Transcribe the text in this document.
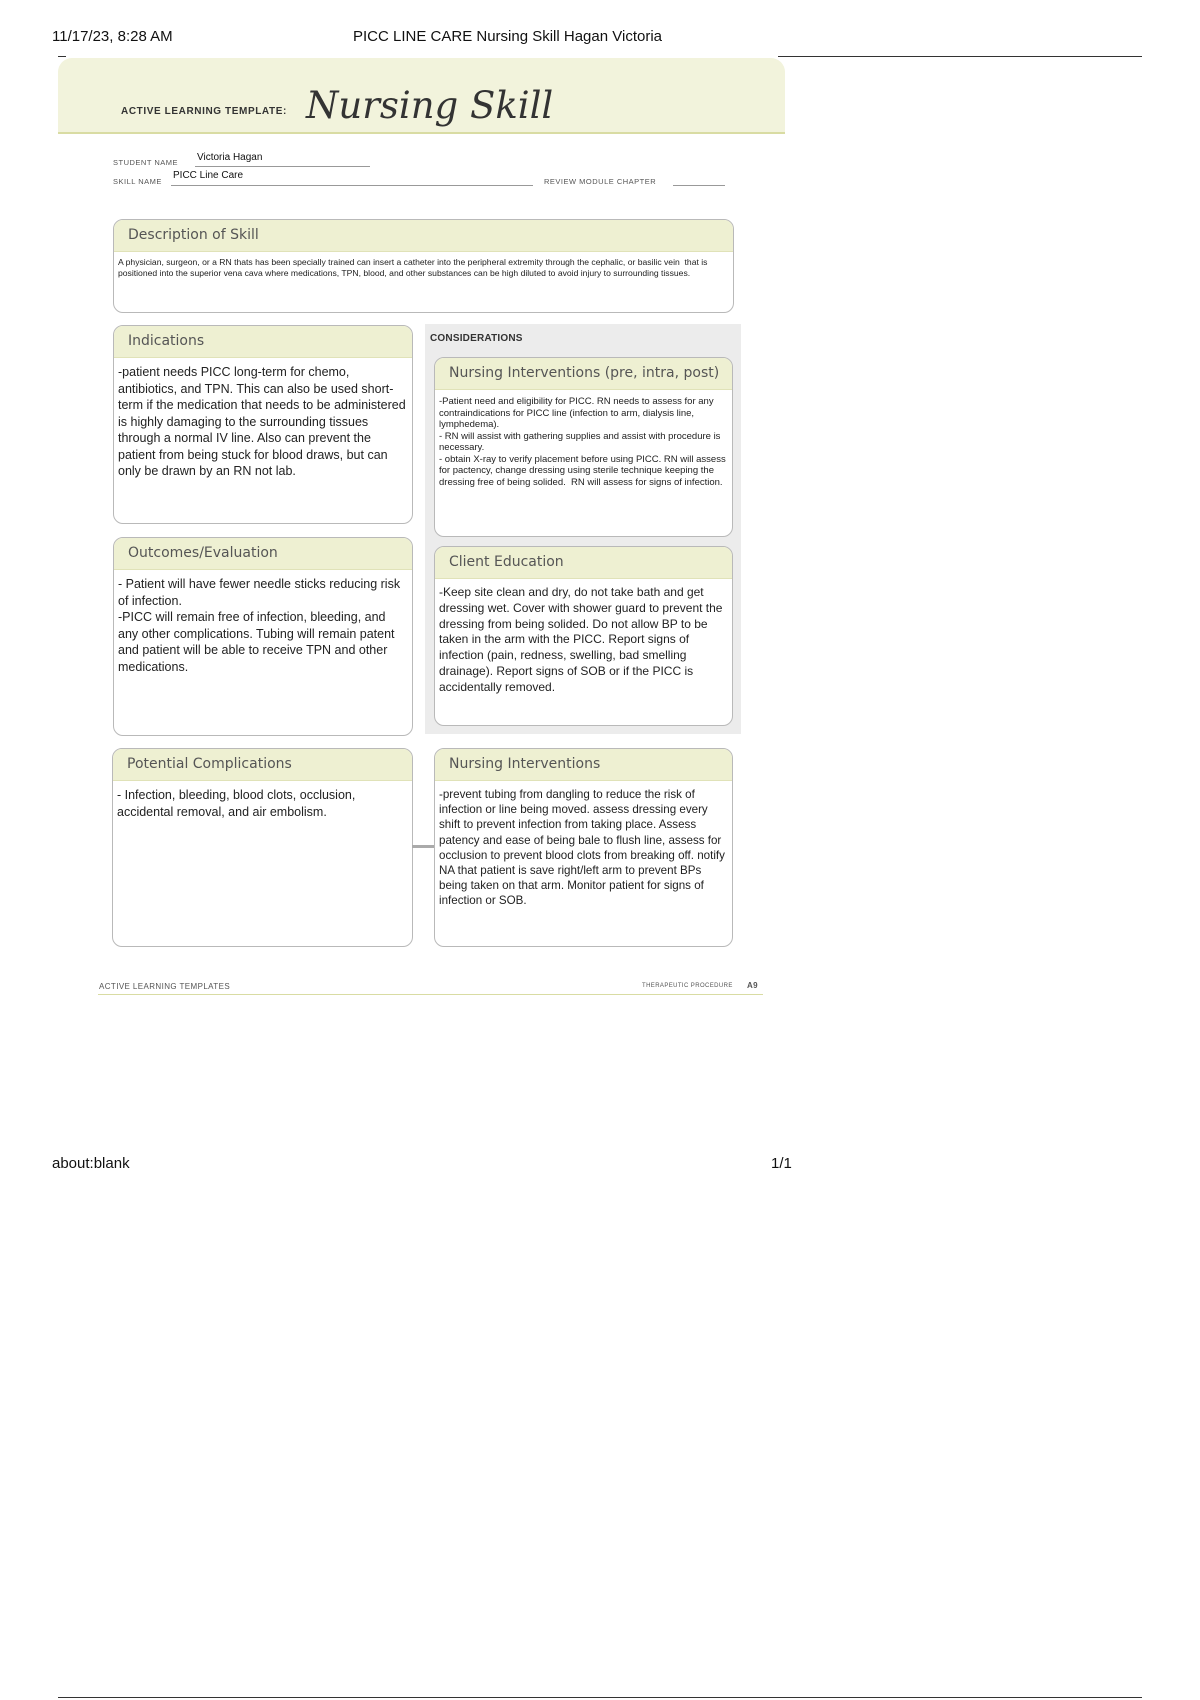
11/17/23, 8:28 AM	PICC LINE CARE Nursing Skill Hagan Victoria
ACTIVE LEARNING TEMPLATE: Nursing Skill
STUDENT NAME Victoria Hagan
SKILL NAME
PICC Line Care
REVIEW MODULE CHAPTER
Description of Skill
A physician, surgeon, or a RN thats has been specially trained can insert a catheter into the peripheral extremity through the cephalic, or basilic vein  that is positioned into the superior vena cava where medications, TPN, blood, and other substances can be high diluted to avoid injury to surrounding tissues.
CONSIDERATIONS
Indications
-patient needs PICC long-term for chemo, antibiotics, and TPN. This can also be used short-term if the medication that needs to be administered is highly damaging to the surrounding tissues through a normal IV line. Also can prevent the patient from being stuck for blood draws, but can only be drawn by an RN not lab.
Nursing Interventions (pre, intra, post)
-Patient need and eligibility for PICC. RN needs to assess for any contraindications for PICC line (infection to arm, dialysis line, lymphedema).
- RN will assist with gathering supplies and assist with procedure is necessary.
- obtain X-ray to verify placement before using PICC. RN will assess for pactency, change dressing using sterile technique keeping the dressing free of being solided.  RN will assess for signs of infection.
Outcomes/Evaluation
- Patient will have fewer needle sticks reducing risk of infection.
-PICC will remain free of infection, bleeding, and any other complications. Tubing will remain patent and patient will be able to receive TPN and other medications.
Client Education
-Keep site clean and dry, do not take bath and get dressing wet. Cover with shower guard to prevent the dressing from being solided. Do not allow BP to be taken in the arm with the PICC. Report signs of infection (pain, redness, swelling, bad smelling drainage). Report signs of SOB or if the PICC is accidentally removed.
Potential Complications
- Infection, bleeding, blood clots, occlusion, accidental removal, and air embolism.
Nursing Interventions
-prevent tubing from dangling to reduce the risk of infection or line being moved. assess dressing every shift to prevent infection from taking place. Assess patency and ease of being bale to flush line, assess for occlusion to prevent blood clots from breaking off. notify NA that patient is save right/left arm to prevent BPs being taken on that arm. Monitor patient for signs of infection or SOB.
ACTIVE LEARNING TEMPLATES	THERAPEUTIC PROCEDURE A9
about:blank	1/1
